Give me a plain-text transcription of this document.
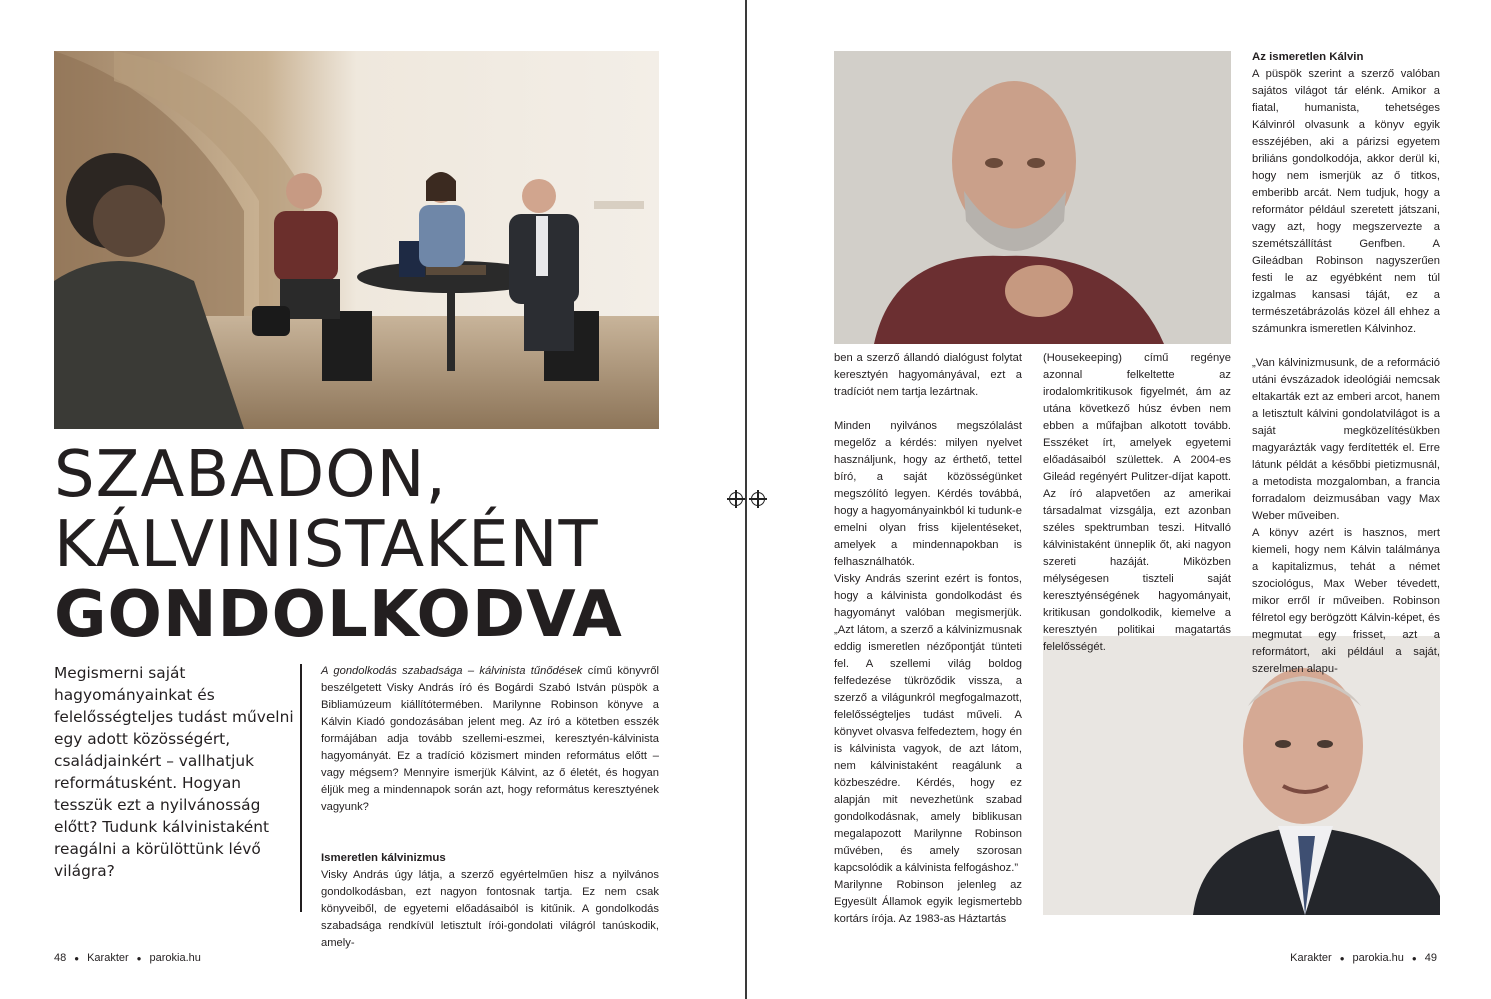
SZABADON,
KÁLVINISTAKÉNT
GONDOLKODVA
Megismerni saját hagyományainkat és felelősségteljes tudást művelni egy adott közösségért, családjainkért – vallhatjuk reformátusként. Hogyan tesszük ezt a nyilvánosság előtt? Tudunk kálvinistaként reagálni a körülöttünk lévő világra?

A gondolkodás szabadsága – kálvinista tűnődések című könyvről beszélgetett Visky András író és Bogárdi Szabó István püspök a Bibliamúzeum kiállítótermében. Marilynne Robinson könyve a Kálvin Kiadó gondozásában jelent meg. Az író a kötetben esszék formájában adja tovább szellemi-eszmei, keresztyén-kálvinista hagyományát. Ez a tradíció közismert minden református előtt – vagy mégsem? Mennyire ismerjük Kálvint, az ő életét, és hogyan éljük meg a mindennapok során azt, hogy református keresztyének vagyunk?

Ismeretlen kálvinizmus

Visky András úgy látja, a szerző egyértelműen hisz a nyilvános gondolkodásban, ezt nagyon fontosnak tartja. Ez nem csak könyveiből, de egyetemi előadásaiból is kitűnik. A gondolkodás szabadsága rendkívül letisztult írói-gondolati világról tanúskodik, amely-

48 ● Karakter ● parokia.hu

ben a szerző állandó dialógust folytat keresztyén hagyományával, ezt a tradíciót nem tartja lezártnak.

Minden nyilvános megszólalást megelőz a kérdés: milyen nyelvet használjunk, hogy az érthető, tettel bíró, a saját közösségünket megszólító legyen. Kérdés továbbá, hogy a hagyományainkból ki tudunk-e emelni olyan friss kijelentéseket, amelyek a mindennapokban is felhasználhatók.

Visky András szerint ezért is fontos, hogy a kálvinista gondolkodást és hagyományt valóban megismerjük. „Azt látom, a szerző a kálvinizmusnak eddig ismeretlen nézőpontját tünteti fel. A szellemi világ boldog felfedezése tükröződik vissza, a szerző a világunkról megfogalmazott, felelősségteljes tudást műveli. A könyvet olvasva felfedeztem, hogy én is kálvinista vagyok, de azt látom, nem kálvinistaként reagálunk a közbeszédre. Kérdés, hogy ez alapján mit nevezhetünk szabad gondolkodásnak, amely biblikusan megalapozott Marilynne Robinson művében, és amely szorosan kapcsolódik a kálvinista felfogáshoz.”

Marilynne Robinson jelenleg az Egyesült Államok egyik legismertebb kortárs írója. Az 1983-as Háztartás

(Housekeeping) című regénye azonnal felkeltette az irodalomkritikusok figyelmét, ám az utána következő húsz évben nem ebben a műfajban alkotott tovább. Esszéket írt, amelyek egyetemi előadásaiból születtek. A 2004-es Gileád regényért Pulitzer-díjat kapott. Az író alapvetően az amerikai társadalmat vizsgálja, ezt azonban széles spektrumban teszi. Hitvalló kálvinistaként ünneplik őt, aki nagyon szereti hazáját. Miközben mélységesen tiszteli saját keresztyénségének hagyományait, kritikusan gondolkodik, kiemelve a keresztyén politikai magatartás felelősségét.

Az ismeretlen Kálvin

A püspök szerint a szerző valóban sajátos világot tár elénk. Amikor a fiatal, humanista, tehetséges Kálvinról olvasunk a könyv egyik esszéjében, aki a párizsi egyetem briliáns gondolkodója, akkor derül ki, hogy nem ismerjük az ő titkos, emberibb arcát. Nem tudjuk, hogy a reformátor például szeretett játszani, vagy azt, hogy megszervezte a szemétszállítást Genfben. A Gileádban Robinson nagyszerűen festi le az egyébként nem túl izgalmas kansasi táját, ez a természetábrázolás közel áll ehhez a számunkra ismeretlen Kálvinhoz.

„Van kálvinizmusunk, de a reformáció utáni évszázadok ideológiái nemcsak eltakarták ezt az emberi arcot, hanem a letisztult kálvini gondolatvilágot is a saját megközelítésükben magyarázták vagy ferdítették el. Erre látunk példát a későbbi pietizmusnál, a metodista mozgalomban, a francia forradalom deizmusában vagy Max Weber műveiben.

A könyv azért is hasznos, mert kiemeli, hogy nem Kálvin találmánya a kapitalizmus, tehát a német szociológus, Max Weber tévedett, mikor erről ír műveiben. Robinson félretol egy berögzött Kálvin-képet, és megmutat egy frisset, azt a reformátort, aki például a saját, szerelmen alapu-

Karakter ● parokia.hu ● 49
